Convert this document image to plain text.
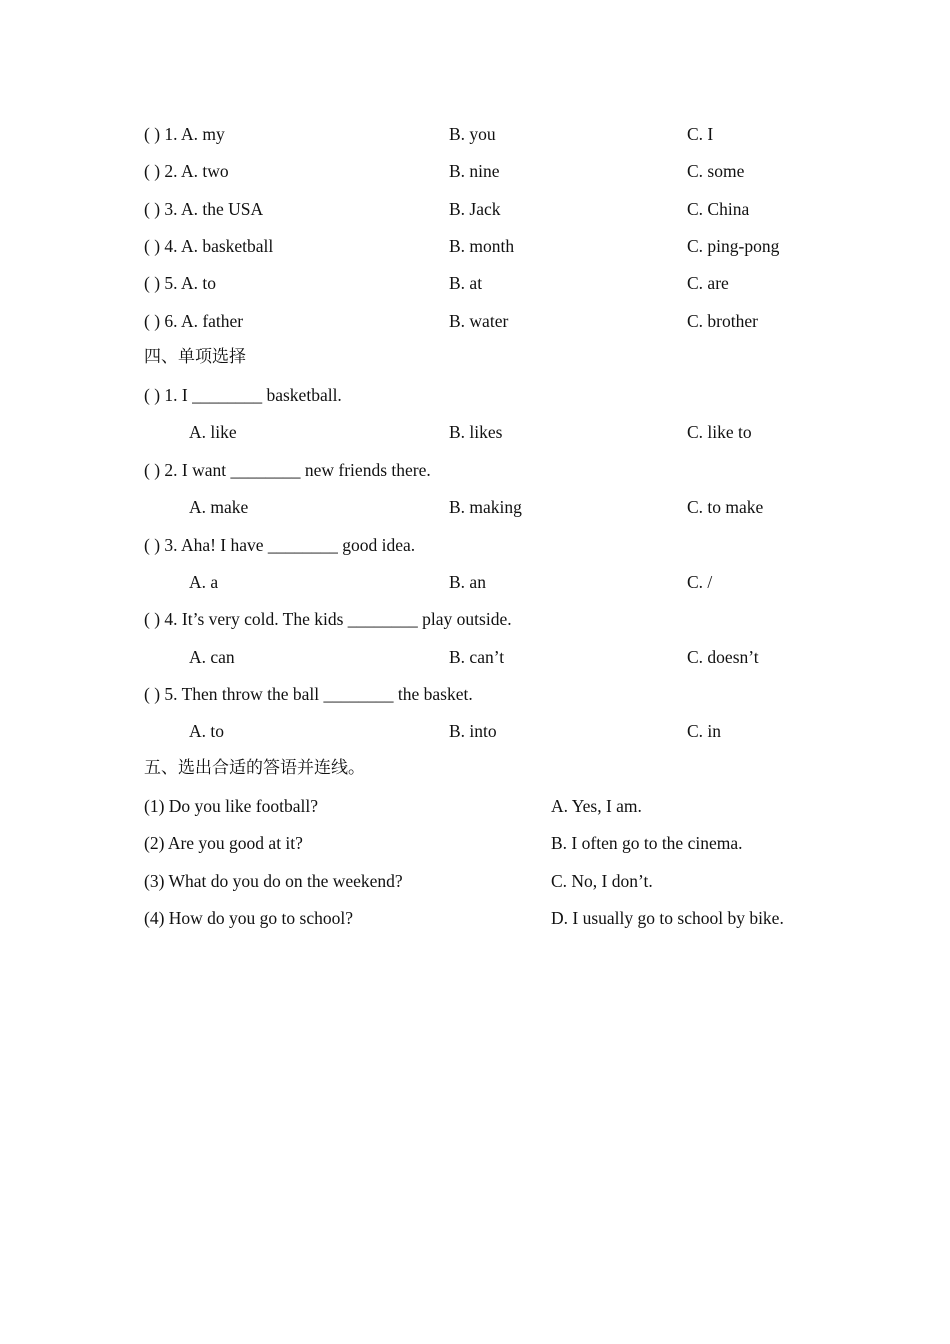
( ) 1. A. my	B. you	C. I
( ) 2. A. two	B. nine	C. some
( ) 3. A. the USA	B. Jack	C. China
( ) 4. A. basketball	B. month	C. ping-pong
( ) 5. A. to	B. at	C. are
( ) 6. A. father	B. water	C. brother
四、单项选择
( ) 1. I ________ basketball.
A. like	B. likes	C. like to
( ) 2. I want ________ new friends there.
A. make	B. making	C. to make
( ) 3. Aha! I have ________ good idea.
A. a	B. an	C. /
( ) 4. It’s very cold. The kids ________ play outside.
A. can	B. can’t	C. doesn’t
( ) 5. Then throw the ball ________ the basket.
A. to	B. into	C. in
五、选出合适的答语并连线。
(1) Do you like football?	A. Yes, I am.
(2) Are you good at it?	B. I often go to the cinema.
(3) What do you do on the weekend?	C. No, I don’t.
(4) How do you go to school?	D. I usually go to school by bike.
